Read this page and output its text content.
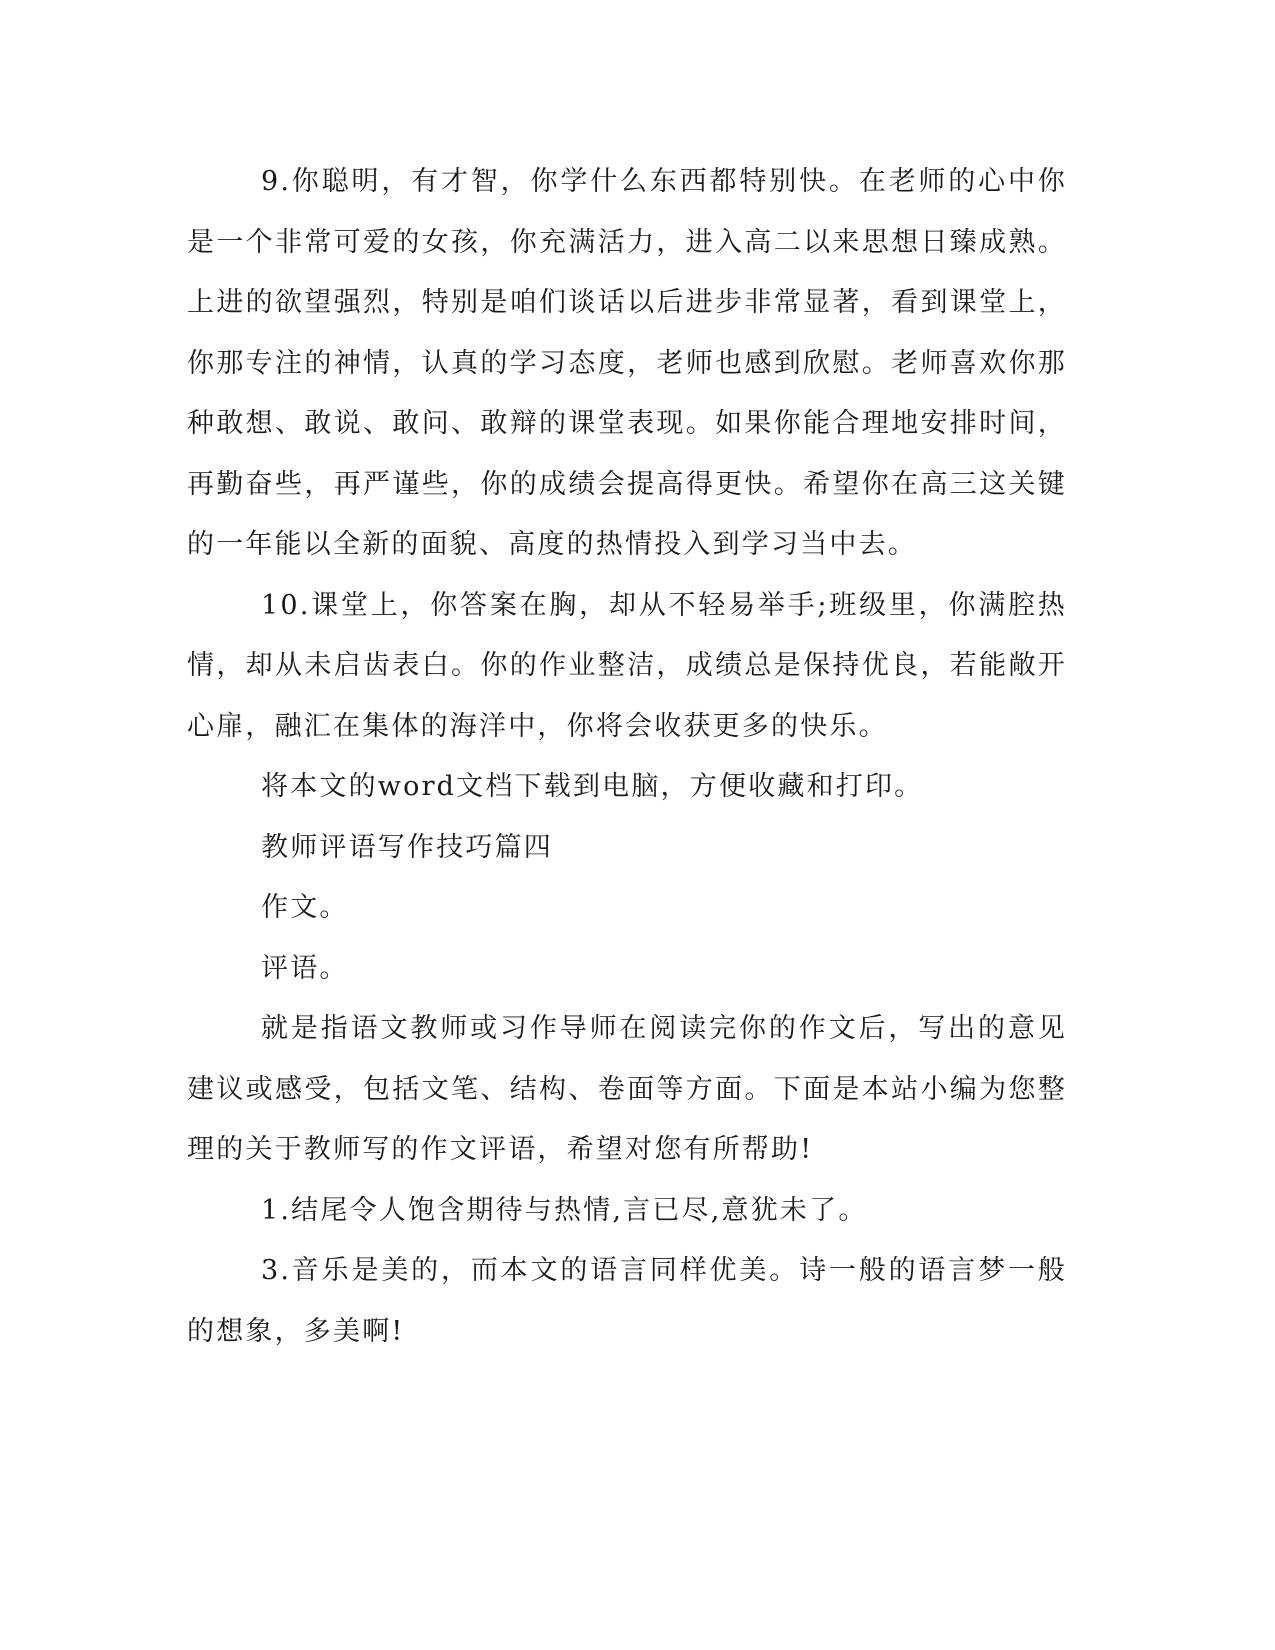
9.你聪明，有才智，你学什么东西都特别快。在老师的心中你是一个非常可爱的女孩，你充满活力，进入高二以来思想日臻成熟。上进的欲望强烈，特别是咱们谈话以后进步非常显著，看到课堂上，你那专注的神情，认真的学习态度，老师也感到欣慰。老师喜欢你那种敢想、敢说、敢问、敢辩的课堂表现。如果你能合理地安排时间，再勤奋些，再严谨些，你的成绩会提高得更快。希望你在高三这关键的一年能以全新的面貌、高度的热情投入到学习当中去。

10.课堂上，你答案在胸，却从不轻易举手;班级里，你满腔热情，却从未启齿表白。你的作业整洁，成绩总是保持优良，若能敞开心扉，融汇在集体的海洋中，你将会收获更多的快乐。

将本文的word文档下载到电脑，方便收藏和打印。

教师评语写作技巧篇四

作文。

评语。

就是指语文教师或习作导师在阅读完你的作文后，写出的意见建议或感受，包括文笔、结构、卷面等方面。下面是本站小编为您整理的关于教师写的作文评语，希望对您有所帮助!

1.结尾令人饱含期待与热情,言已尽,意犹未了。

3.音乐是美的，而本文的语言同样优美。诗一般的语言梦一般的想象，多美啊!
